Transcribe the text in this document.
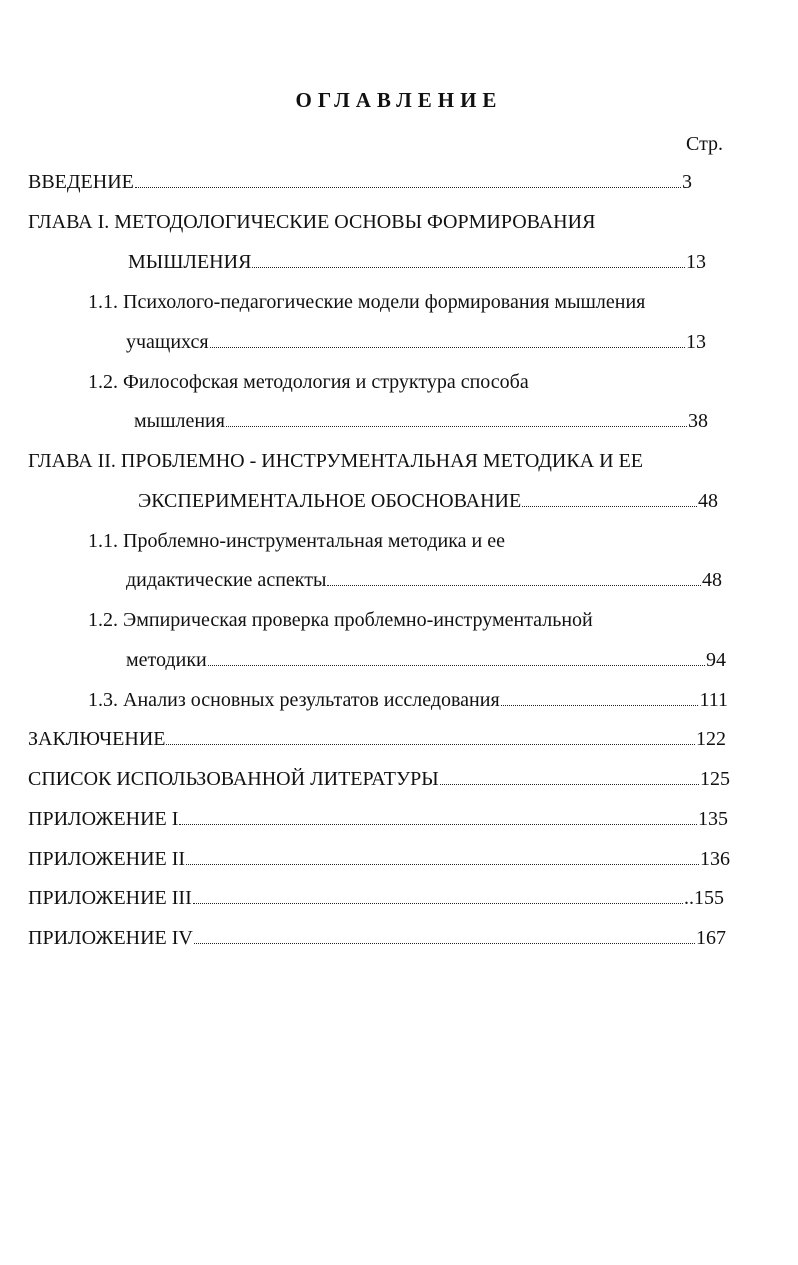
ОГЛАВЛЕНИЕ
Стр.
ВВЕДЕНИЕ	3
ГЛАВА I. МЕТОДОЛОГИЧЕСКИЕ ОСНОВЫ ФОРМИРОВАНИЯ
МЫШЛЕНИЯ	13
1.1. Психолого-педагогические модели формирования мышления
учащихся	13
1.2. Философская методология и структура способа
мышления	38
ГЛАВА II. ПРОБЛЕМНО - ИНСТРУМЕНТАЛЬНАЯ МЕТОДИКА И ЕЕ
ЭКСПЕРИМЕНТАЛЬНОЕ ОБОСНОВАНИЕ	48
1.1. Проблемно-инструментальная методика и ее
дидактические аспекты	48
1.2. Эмпирическая проверка проблемно-инструментальной
методики	94
1.3. Анализ основных результатов исследования	111
ЗАКЛЮЧЕНИЕ	122
СПИСОК ИСПОЛЬЗОВАННОЙ ЛИТЕРАТУРЫ	125
ПРИЛОЖЕНИЕ I	135
ПРИЛОЖЕНИЕ II	136
ПРИЛОЖЕНИЕ III	..155
ПРИЛОЖЕНИЕ IV	167
